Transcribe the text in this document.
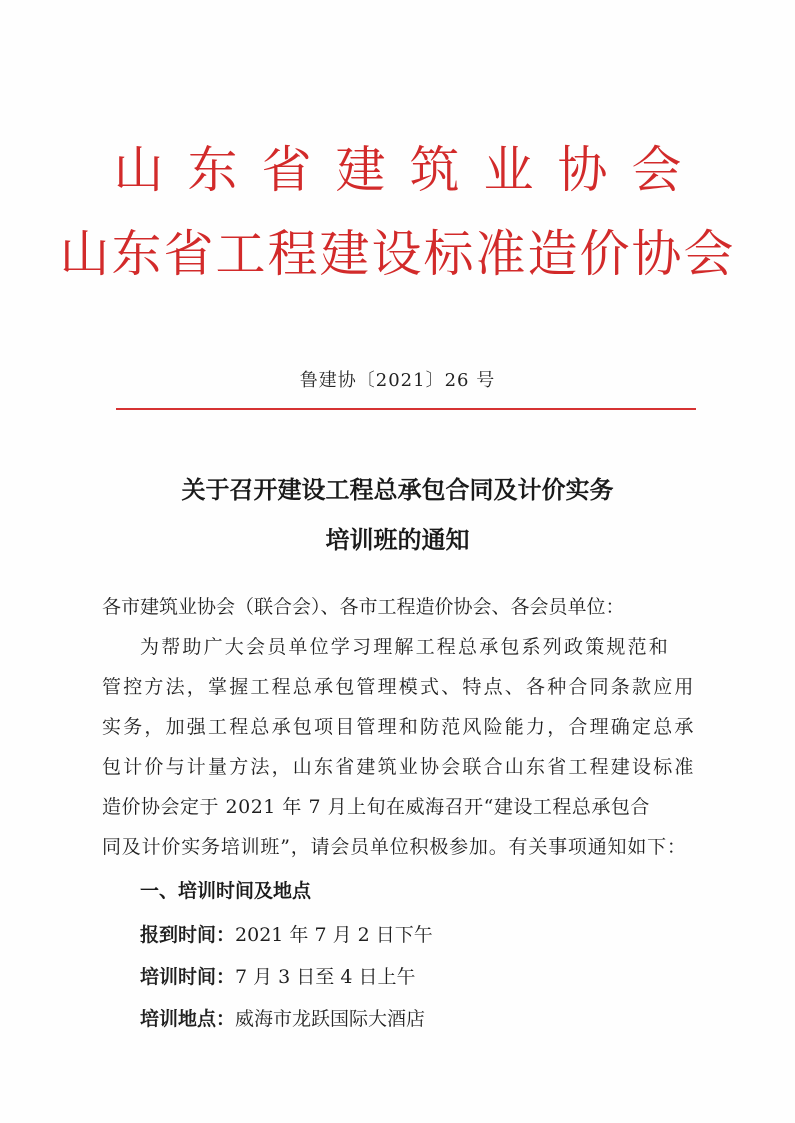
山东省建筑业协会
山东省工程建设标准造价协会
鲁建协〔2021〕26 号
关于召开建设工程总承包合同及计价实务
培训班的通知
各市建筑业协会（联合会）、各市工程造价协会、各会员单位：
为帮助广大会员单位学习理解工程总承包系列政策规范和
管控方法，掌握工程总承包管理模式、特点、各种合同条款应用
实务，加强工程总承包项目管理和防范风险能力，合理确定总承
包计价与计量方法，山东省建筑业协会联合山东省工程建设标准
造价协会定于 2021 年 7 月上旬在威海召开“建设工程总承包合
同及计价实务培训班”，请会员单位积极参加。有关事项通知如下：
一、培训时间及地点
报到时间：2021 年 7 月 2 日下午
培训时间：7 月 3 日至 4 日上午
培训地点：威海市龙跃国际大酒店
